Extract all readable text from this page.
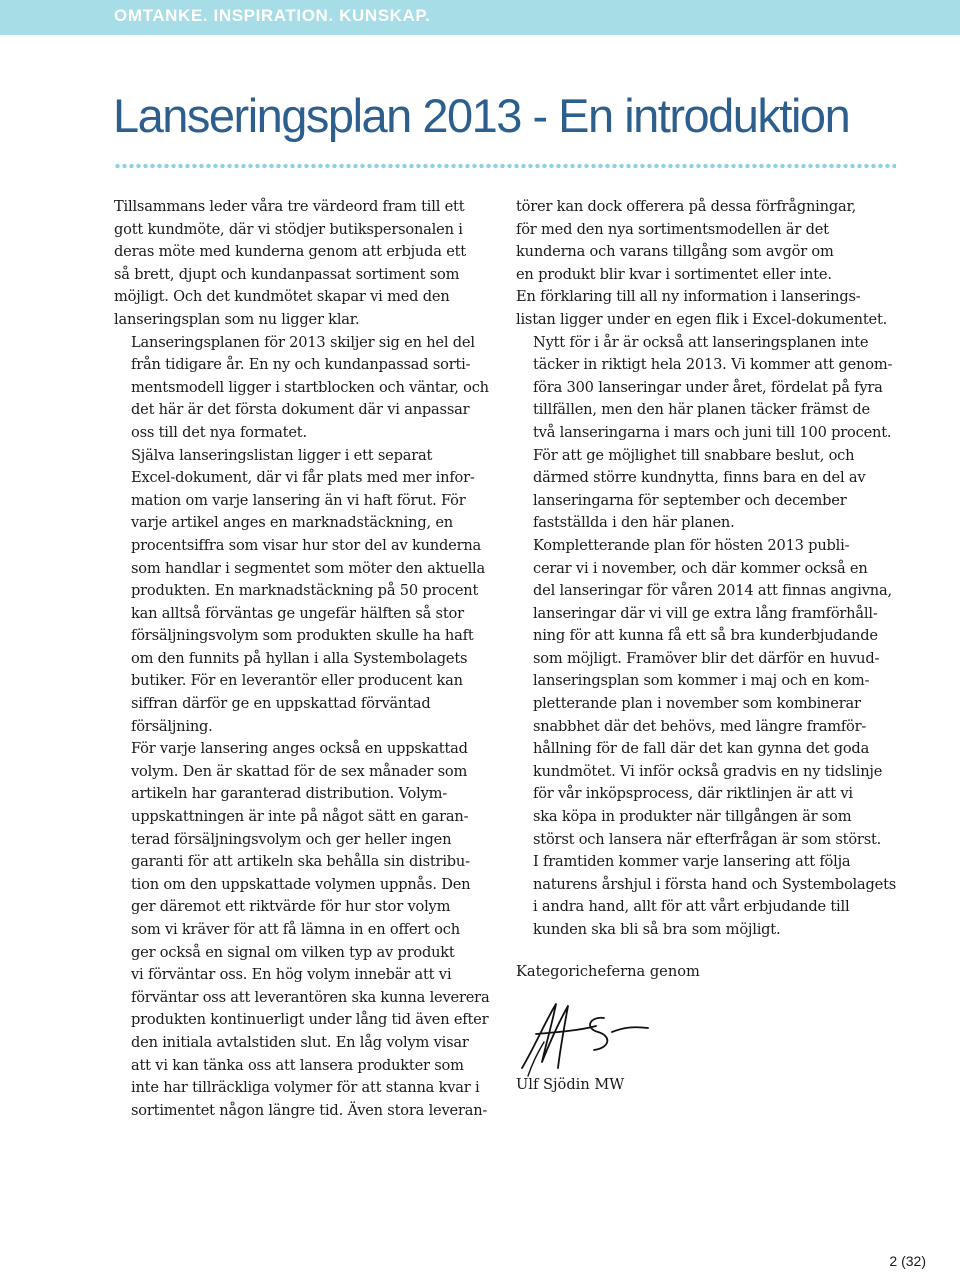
OMTANKE. INSPIRATION. KUNSKAP.
Lanseringsplan 2013 - En introduktion

Tillsammans leder våra tre värdeord fram till ett
gott kundmöte, där vi stödjer butikspersonalen i
deras möte med kunderna genom att erbjuda ett
så brett, djupt och kundanpassat sortiment som
möjligt. Och det kundmötet skapar vi med den
lanseringsplan som nu ligger klar.

Lanseringsplanen för 2013 skiljer sig en hel del
från tidigare år. En ny och kundanpassad sorti-
mentsmodell ligger i startblocken och väntar, och
det här är det första dokument där vi anpassar
oss till det nya formatet.

Själva lanseringslistan ligger i ett separat
Excel-dokument, där vi får plats med mer infor-
mation om varje lansering än vi haft förut. För
varje artikel anges en marknadstäckning, en
procentsiffra som visar hur stor del av kunderna
som handlar i segmentet som möter den aktuella
produkten. En marknadstäckning på 50 procent
kan alltså förväntas ge ungefär hälften så stor
försäljningsvolym som produkten skulle ha haft
om den funnits på hyllan i alla Systembolagets
butiker. För en leverantör eller producent kan
siffran därför ge en uppskattad förväntad
försäljning.

För varje lansering anges också en uppskattad
volym. Den är skattad för de sex månader som
artikeln har garanterad distribution. Volym-
uppskattningen är inte på något sätt en garan-
terad försäljningsvolym och ger heller ingen
garanti för att artikeln ska behålla sin distribu-
tion om den uppskattade volymen uppnås. Den
ger däremot ett riktvärde för hur stor volym
som vi kräver för att få lämna in en offert och
ger också en signal om vilken typ av produkt
vi förväntar oss. En hög volym innebär att vi
förväntar oss att leverantören ska kunna leverera
produkten kontinuerligt under lång tid även efter
den initiala avtalstiden slut. En låg volym visar
att vi kan tänka oss att lansera produkter som
inte har tillräckliga volymer för att stanna kvar i
sortimentet någon längre tid. Även stora leveran-

törer kan dock offerera på dessa förfrågningar,
för med den nya sortimentsmodellen är det
kunderna och varans tillgång som avgör om
en produkt blir kvar i sortimentet eller inte.
En förklaring till all ny information i lanserings-
listan ligger under en egen flik i Excel-dokumentet.

Nytt för i år är också att lanseringsplanen inte
täcker in riktigt hela 2013. Vi kommer att genom-
föra 300 lanseringar under året, fördelat på fyra
tillfällen, men den här planen täcker främst de
två lanseringarna i mars och juni till 100 procent.
För att ge möjlighet till snabbare beslut, och
därmed större kundnytta, finns bara en del av
lanseringarna för september och december
fastställda i den här planen.

Kompletterande plan för hösten 2013 publi-
cerar vi i november, och där kommer också en
del lanseringar för våren 2014 att finnas angivna,
lanseringar där vi vill ge extra lång framförhåll-
ning för att kunna få ett så bra kunderbjudande
som möjligt. Framöver blir det därför en huvud-
lanseringsplan som kommer i maj och en kom-
pletterande plan i november som kombinerar
snabbhet där det behövs, med längre framför-
hållning för de fall där det kan gynna det goda
kundmötet. Vi inför också gradvis en ny tidslinje
för vår inköpsprocess, där riktlinjen är att vi
ska köpa in produkter när tillgången är som
störst och lansera när efterfrågan är som störst.
I framtiden kommer varje lansering att följa
naturens årshjul i första hand och Systembolagets
i andra hand, allt för att vårt erbjudande till
kunden ska bli så bra som möjligt.

Kategoricheferna genom
Ulf Sjödin MW
2 (32)
